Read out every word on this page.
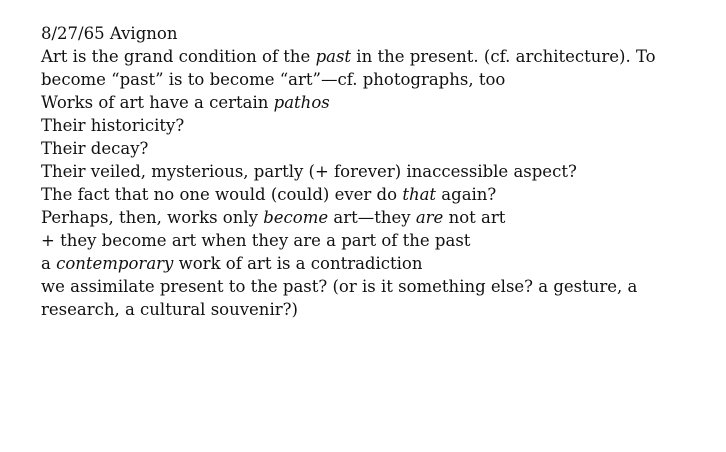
8/27/65 Avignon

Art is the grand condition of the past in the present. (cf. architecture). To become “past” is to become “art”—cf. photographs, too

Works of art have a certain pathos

Their historicity?
Their decay?
Their veiled, mysterious, partly (+ forever) inaccessible aspect?
The fact that no one would (could) ever do that again?

Perhaps, then, works only become art—they are not art

+ they become art when they are a part of the past

a contemporary work of art is a contradiction
we assimilate present to the past? (or is it something else? a gesture, a research, a cultural souvenir?)
